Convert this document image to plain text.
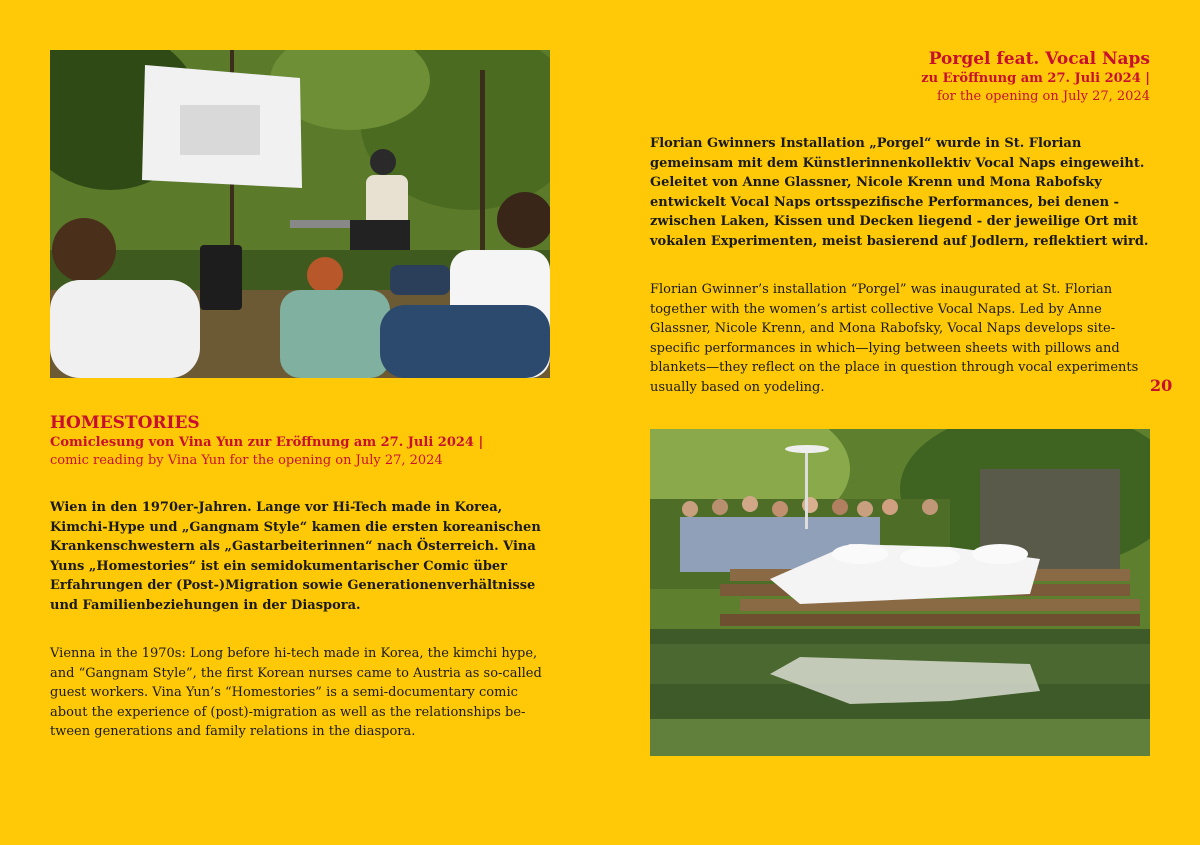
HOMESTORIES
Comiclesung von Vina Yun zur Eröffnung am 27. Juli 2024 |
comic reading by Vina Yun for the opening on July 27, 2024
Wien in den 1970er-Jahren. Lange vor Hi-Tech made in Korea, Kimchi-Hype und „Gangnam Style“ kamen die ersten koreanischen Krankenschwestern als „Gastarbeiterinnen“ nach Österreich. Vina Yuns „Homestories“ ist ein semidokumentarischer Comic über Erfahrungen der (Post-)Migration sowie Generationenverhältnisse und Familienbeziehungen in der Diaspora.
Vienna in the 1970s: Long before hi-tech made in Korea, the kimchi hype, and “Gangnam Style”, the first Korean nurses came to Austria as so-called guest workers. Vina Yun’s “Homestories” is a semi-documentary comic about the experience of (post)-migration as well as the relationships be-tween generations and family relations in the diaspora.
Porgel feat. Vocal Naps
zu Eröffnung am 27. Juli 2024 |
for the opening on July 27, 2024
Florian Gwinners Installation „Porgel“ wurde in St. Florian gemeinsam mit dem Künstlerinnenkollektiv Vocal Naps eingeweiht. Geleitet von Anne Glassner, Nicole Krenn und Mona Rabofsky entwickelt Vocal Naps ortsspezifische Performances, bei denen - zwischen Laken, Kissen und Decken liegend - der jeweilige Ort mit vokalen Experimenten, meist basierend auf Jodlern, reflektiert wird.
Florian Gwinner’s installation “Porgel” was inaugurated at St. Florian together with the women’s artist collective Vocal Naps. Led by Anne Glassner, Nicole Krenn, and Mona Rabofsky, Vocal Naps develops site-specific performances in which—lying between sheets with pillows and blankets—they reflect on the place in question through vocal experiments usually based on yodeling.	20
